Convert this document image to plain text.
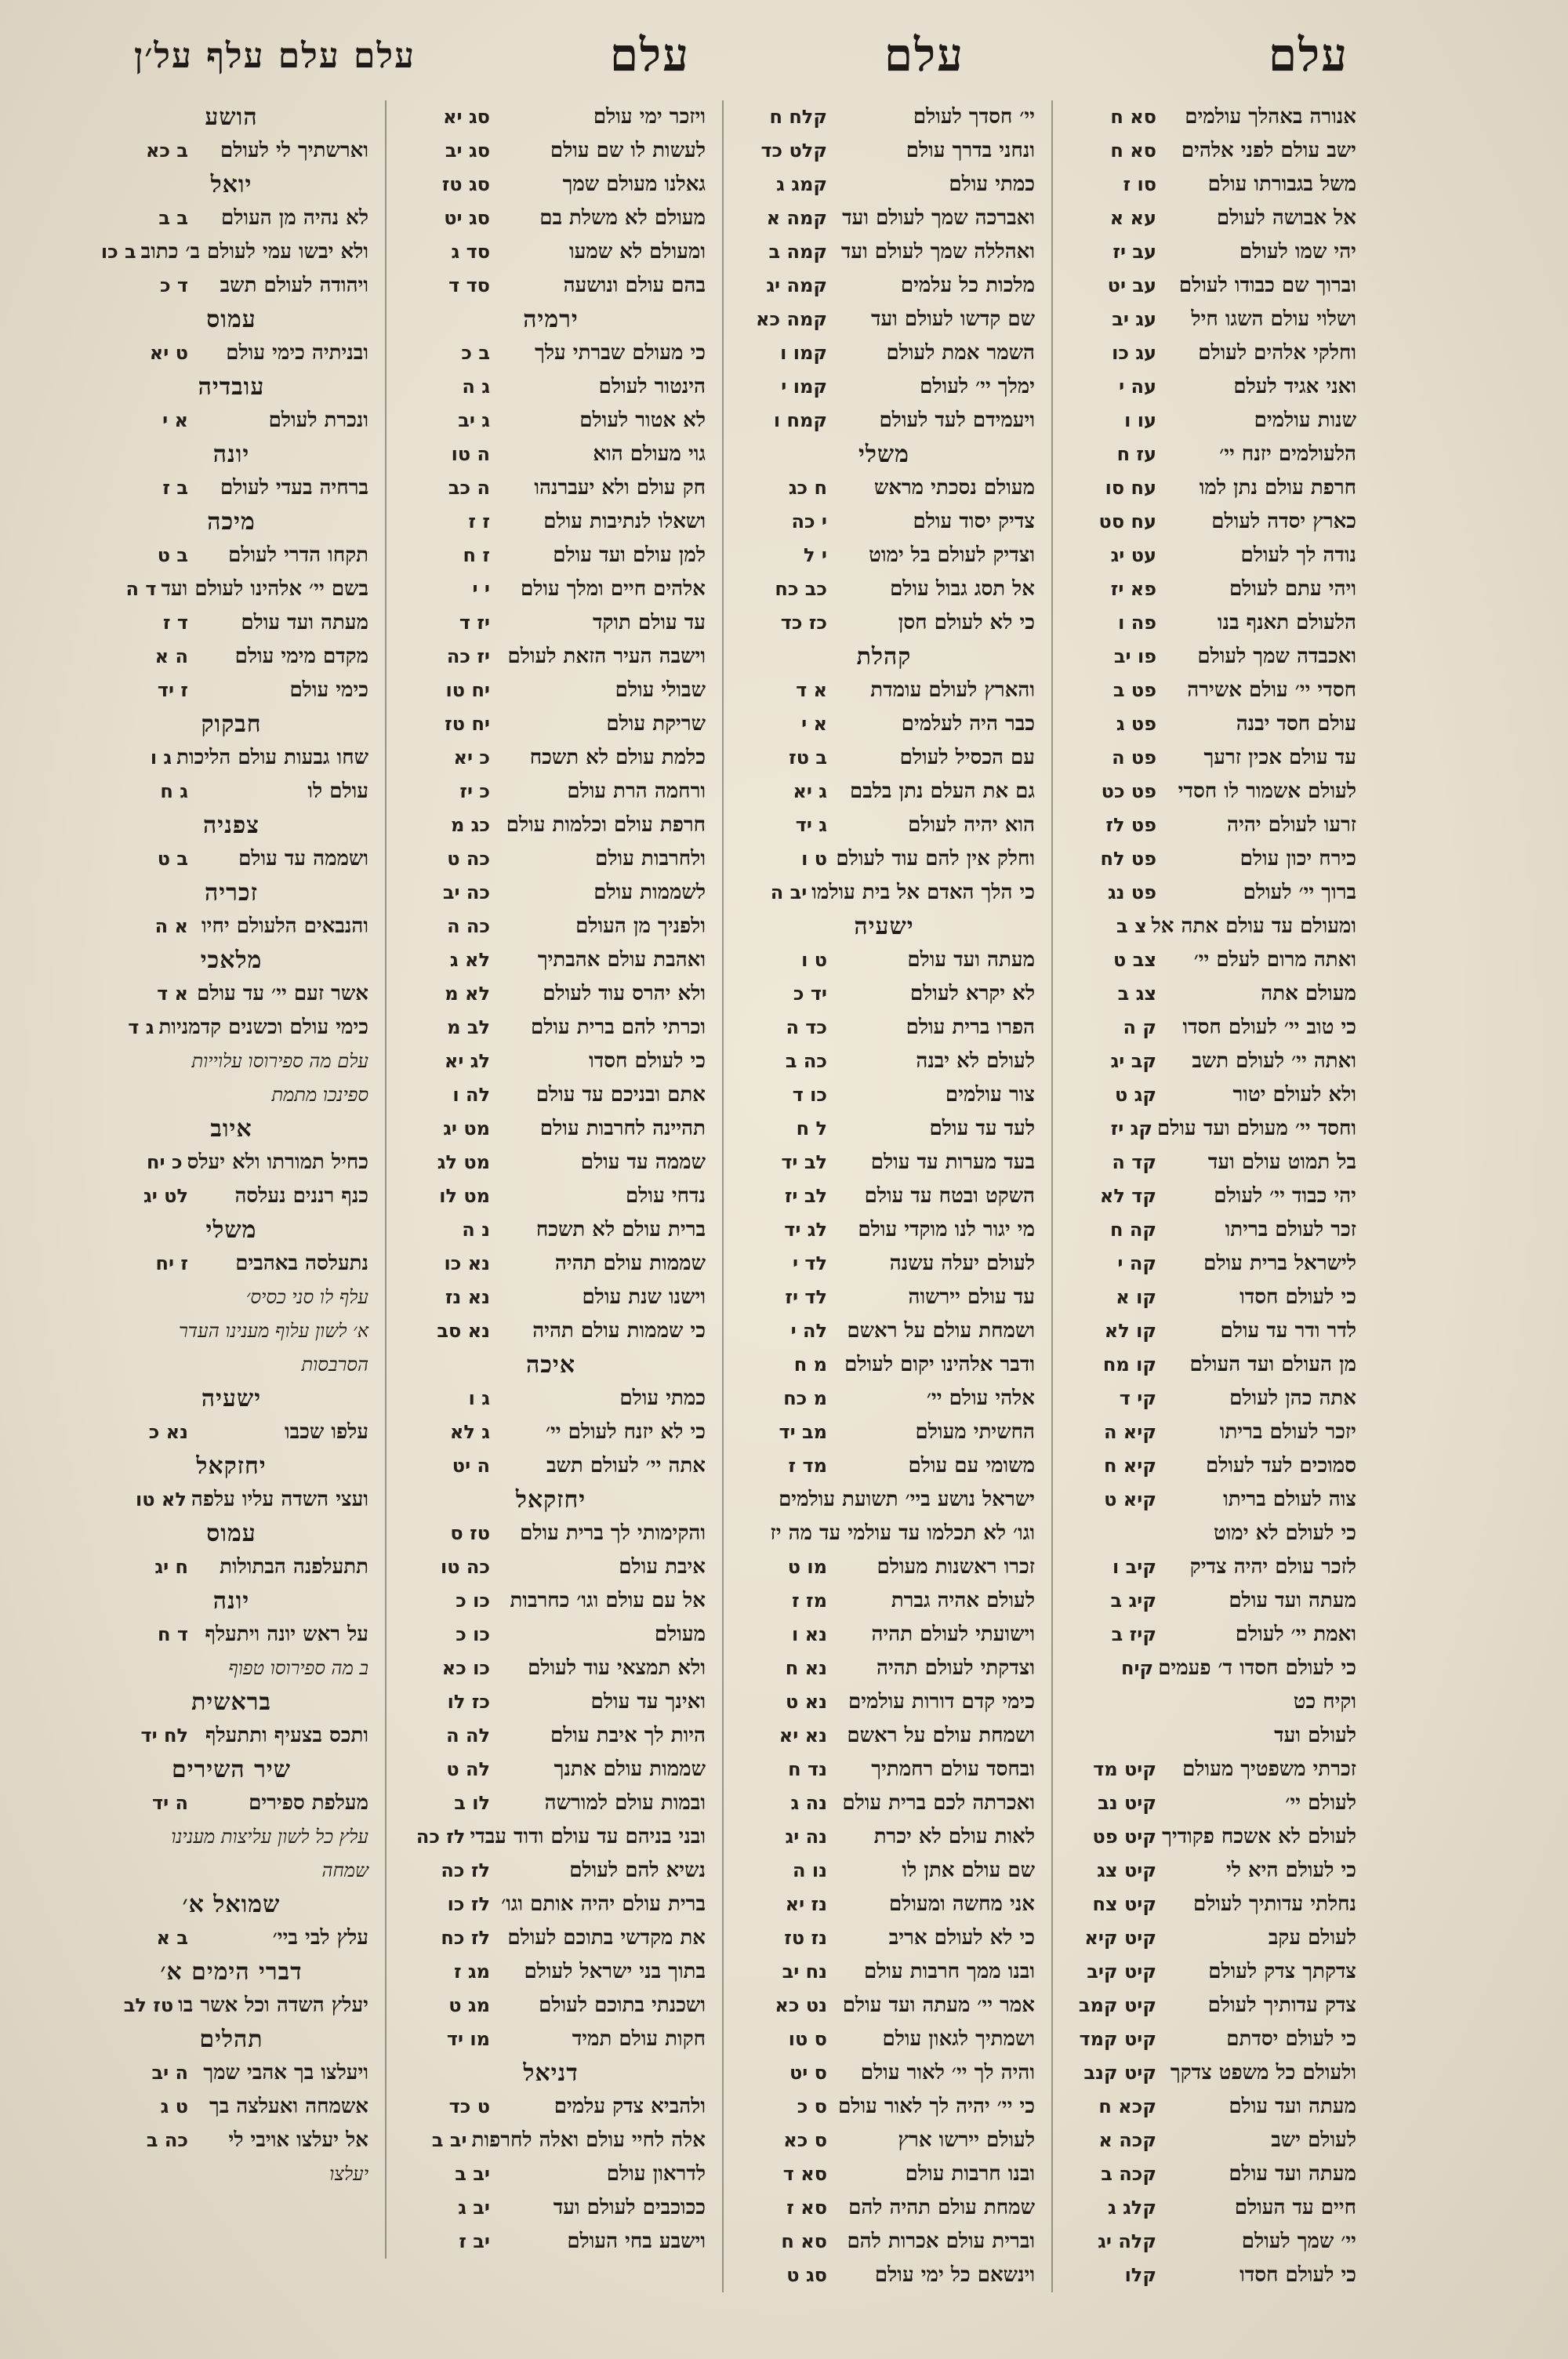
עלם
עלם
עלם
עלם עלם עלף על׳ן
אנורה באהלך עולמים
סא ח
ישב עולם לפני אלהים
סא ח
משל בגבורתו עולם
סו ז
אל אבושה לעולם
עא א
יהי שמו לעולם
עב יז
וברוך שם כבודו לעולם
עב יט
ושלוי עולם השגו חיל
עג יב
וחלקי אלהים לעולם
עג כו
ואני אגיד לעלם
עה י
שנות עולמים
עו ו
הלעולמים יזנח יי׳
עז ח
חרפת עולם נתן למו
עח סו
כארץ יסדה לעולם
עח סט
נודה לך לעולם
עט יג
ויהי עתם לעולם
פא יז
הלעולם תאנף בנו
פה ו
ואכבדה שמך לעולם
פו יב
חסדי יי׳ עולם אשירה
פט ב
עולם חסד יבנה
פט ג
עד עולם אכין זרעך
פט ה
לעולם אשמור לו חסדי
פט כט
זרעו לעולם יהיה
פט לז
כירח יכון עולם
פט לח
ברוך יי׳ לעולם
פט נג
ומעולם עד עולם אתה אל
צ ב
ואתה מרום לעלם יי׳
צב ט
מעולם אתה
צג ב
כי טוב יי׳ לעולם חסדו
ק ה
ואתה יי׳ לעולם תשב
קב יג
ולא לעולם יטור
קג ט
וחסד יי׳ מעולם ועד עולם
קג יז
בל תמוט עולם ועד
קד ה
יהי כבוד יי׳ לעולם
קד לא
זכר לעולם בריתו
קה ח
לישראל ברית עולם
קה י
כי לעולם חסדו
קו א
לדר ודר עד עולם
קו לא
מן העולם ועד העולם
קו מח
אתה כהן לעולם
קי ד
יזכר לעולם בריתו
קיא ה
סמוכים לעד לעולם
קיא ח
צוה לעולם בריתו
קיא ט
כי לעולם לא ימוט
לזכר עולם יהיה צדיק
קיב ו
מעתה ועד עולם
קיג ב
ואמת יי׳ לעולם
קיז ב
כי לעולם חסדו ד׳ פעמים
קיח
וקיח כט
לעולם ועד
זכרתי משפטיך מעולם
קיט מד
לעולם יי׳
קיט נב
לעולם לא אשכח פקודיך
קיט פט
כי לעולם היא לי
קיט צג
נחלתי עדותיך לעולם
קיט צח
לעולם עקב
קיט קיא
צדקתך צדק לעולם
קיט קיב
צדק עדותיך לעולם
קיט קמב
כי לעולם יסדתם
קיט קמד
ולעולם כל משפט צדקך
קיט קנב
מעתה ועד עולם
קכא ח
לעולם ישב
קכה א
מעתה ועד עולם
קכה ב
חיים עד העולם
קלג ג
יי׳ שמך לעולם
קלה יג
כי לעולם חסדו
קלו
יי׳ חסדך לעולם
קלח ח
ונחני בדרך עולם
קלט כד
כמתי עולם
קמג ג
ואברכה שמך לעולם ועד
קמה א
ואהללה שמך לעולם ועד
קמה ב
מלכות כל עלמים
קמה יג
שם קדשו לעולם ועד
קמה כא
השמר אמת לעולם
קמו ו
ימלך יי׳ לעולם
קמו י
ויעמידם לעד לעולם
קמח ו
משלי
מעולם נסכתי מראש
ח כג
צדיק יסוד עולם
י כה
וצדיק לעולם בל ימוט
י ל
אל תסג גבול עולם
כב כח
כי לא לעולם חסן
כז כד
קהלת
והארץ לעולם עומדת
א ד
כבר היה לעלמים
א י
עם הכסיל לעולם
ב טז
גם את העלם נתן בלבם
ג יא
הוא יהיה לעולם
ג יד
וחלק אין להם עוד לעולם
ט ו
כי הלך האדם אל בית עולמו
יב ה
ישעיה
מעתה ועד עולם
ט ו
לא יקרא לעולם
יד כ
הפרו ברית עולם
כד ה
לעולם לא יבנה
כה ב
צור עולמים
כו ד
לעד עד עולם
ל ח
בעד מערות עד עולם
לב יד
השקט ובטח עד עולם
לב יז
מי יגור לנו מוקדי עולם
לג יד
לעולם יעלה עשנה
לד י
עד עולם יירשוה
לד יז
ושמחת עולם על ראשם
לה י
ודבר אלהינו יקום לעולם
מ ח
אלהי עולם יי׳
מ כח
החשיתי מעולם
מב יד
משומי עם עולם
מד ז
ישראל נושע ביי׳ תשועת עולמים
וגו׳ לא תכלמו עד עולמי עד מה יז
זכרו ראשנות מעולם
מו ט
לעולם אהיה גברת
מז ז
וישועתי לעולם תהיה
נא ו
וצדקתי לעולם תהיה
נא ח
כימי קדם דורות עולמים
נא ט
ושמחת עולם על ראשם
נא יא
ובחסד עולם רחמתיך
נד ח
ואכרתה לכם ברית עולם
נה ג
לאות עולם לא יכרת
נה יג
שם עולם אתן לו
נו ה
אני מחשה ומעולם
נז יא
כי לא לעולם אריב
נז טז
ובנו ממך חרבות עולם
נח יב
אמר יי׳ מעתה ועד עולם
נט כא
ושמתיך לגאון עולם
ס טו
והיה לך יי׳ לאור עולם
ס יט
כי יי׳ יהיה לך לאור עולם
ס כ
לעולם יירשו ארץ
ס כא
ובנו חרבות עולם
סא ד
שמחת עולם תהיה להם
סא ז
וברית עולם אכרות להם
סא ח
וינשאם כל ימי עולם
סג ט
ויזכר ימי עולם
סג יא
לעשות לו שם עולם
סג יב
גאלנו מעולם שמך
סג טז
מעולם לא משלת בם
סג יט
ומעולם לא שמעו
סד ג
בהם עולם ונושעה
סד ד
ירמיה
כי מעולם שברתי עלך
ב כ
הינטור לעולם
ג ה
לא אטור לעולם
ג יב
גוי מעולם הוא
ה טו
חק עולם ולא יעברנהו
ה כב
ושאלו לנתיבות עולם
ז ז
למן עולם ועד עולם
ז ח
אלהים חיים ומלך עולם
י י
עד עולם תוקד
יז ד
וישבה העיר הזאת לעולם
יז כה
שבולי עולם
יח טו
שריקת עולם
יח טז
כלמת עולם לא תשכח
כ יא
ורחמה הרת עולם
כ יז
חרפת עולם וכלמות עולם
כג מ
ולחרבות עולם
כה ט
לשממות עולם
כה יב
ולפניך מן העולם
כה ה
ואהבת עולם אהבתיך
לא ג
ולא יהרס עוד לעולם
לא מ
וכרתי להם ברית עולם
לב מ
כי לעולם חסדו
לג יא
אתם ובניכם עד עולם
לה ו
תהיינה לחרבות עולם
מט יג
שממה עד עולם
מט לג
נדחי עולם
מט לו
ברית עולם לא תשכח
נ ה
שממות עולם תהיה
נא כו
וישנו שנת עולם
נא נז
כי שממות עולם תהיה
נא סב
איכה
כמתי עולם
ג ו
כי לא יזנח לעולם יי׳
ג לא
אתה יי׳ לעולם תשב
ה יט
יחזקאל
והקימותי לך ברית עולם
טז ס
איבת עולם
כה טו
אל עם עולם וגו׳ כחרבות
כו כ
מעולם
כו כ
ולא תמצאי עוד לעולם
כו כא
ואינך עד עולם
כז לו
היות לך איבת עולם
לה ה
שממות עולם אתנך
לה ט
ובמות עולם למורשה
לו ב
ובני בניהם עד עולם ודוד עבדי
לז כה
נשיא להם לעולם
לז כה
ברית עולם יהיה אותם וגו׳
לז כו
את מקדשי בתוכם לעולם
לז כח
בתוך בני ישראל לעולם
מג ז
ושכנתי בתוכם לעולם
מג ט
חקות עולם תמיד
מו יד
דניאל
ולהביא צדק עלמים
ט כד
אלה לחיי עולם ואלה לחרפות
יב ב
לדראון עולם
יב ב
ככוכבים לעולם ועד
יב ג
וישבע בחי העולם
יב ז
הושע
וארשתיך לי לעולם
ב כא
יואל
לא נהיה מן העולם
ב ב
ולא יבשו עמי לעולם ב׳ כתוב
ב כו
ויהודה לעולם תשב
ד כ
עמוס
ובניתיה כימי עולם
ט יא
עובדיה
ונכרת לעולם
א י
יונה
ברחיה בעדי לעולם
ב ז
מיכה
תקחו הדרי לעולם
ב ט
בשם יי׳ אלהינו לעולם ועד
ד ה
מעתה ועד עולם
ד ז
מקדם מימי עולם
ה א
כימי עולם
ז יד
חבקוק
שחו גבעות עולם הליכות
ג ו
עולם לו
ג ח
צפניה
ושממה עד עולם
ב ט
זכריה
והנבאים הלעולם יחיו
א ה
מלאכי
אשר זעם יי׳ עד עולם
א ד
כימי עולם וכשנים קדמניות
ג ד
עלם מה ספירוסו עלוייות
ספינכו מתמת
איוב
כחיל תמורתו ולא יעלס
כ יח
כנף רננים נעלסה
לט יג
משלי
נתעלסה באהבים
ז יח
עלף לו סני כסיס׳
א׳ לשון עלוף מענינו העדר
הסרבסות
ישעיה
עלפו שכבו
נא כ
יחזקאל
ועצי השדה עליו עלפה
לא טו
עמוס
תתעלפנה הבתולות
ח יג
יונה
על ראש יונה ויתעלף
ד ח
ב מה ספירוסו טפוף
בראשית
ותכס בצעיף ותתעלף
לח יד
שיר השירים
מעלפת ספירים
ה יד
עלץ כל לשון עליצות מענינו
שמחה
שמואל א׳
עלץ לבי ביי׳
ב א
דברי הימים א׳
יעלץ השדה וכל אשר בו
טז לב
תהלים
ויעלצו בך אהבי שמך
ה יב
אשמחה ואעלצה בך
ט ג
אל יעלצו אויבי לי
כה ב
יעלצו
